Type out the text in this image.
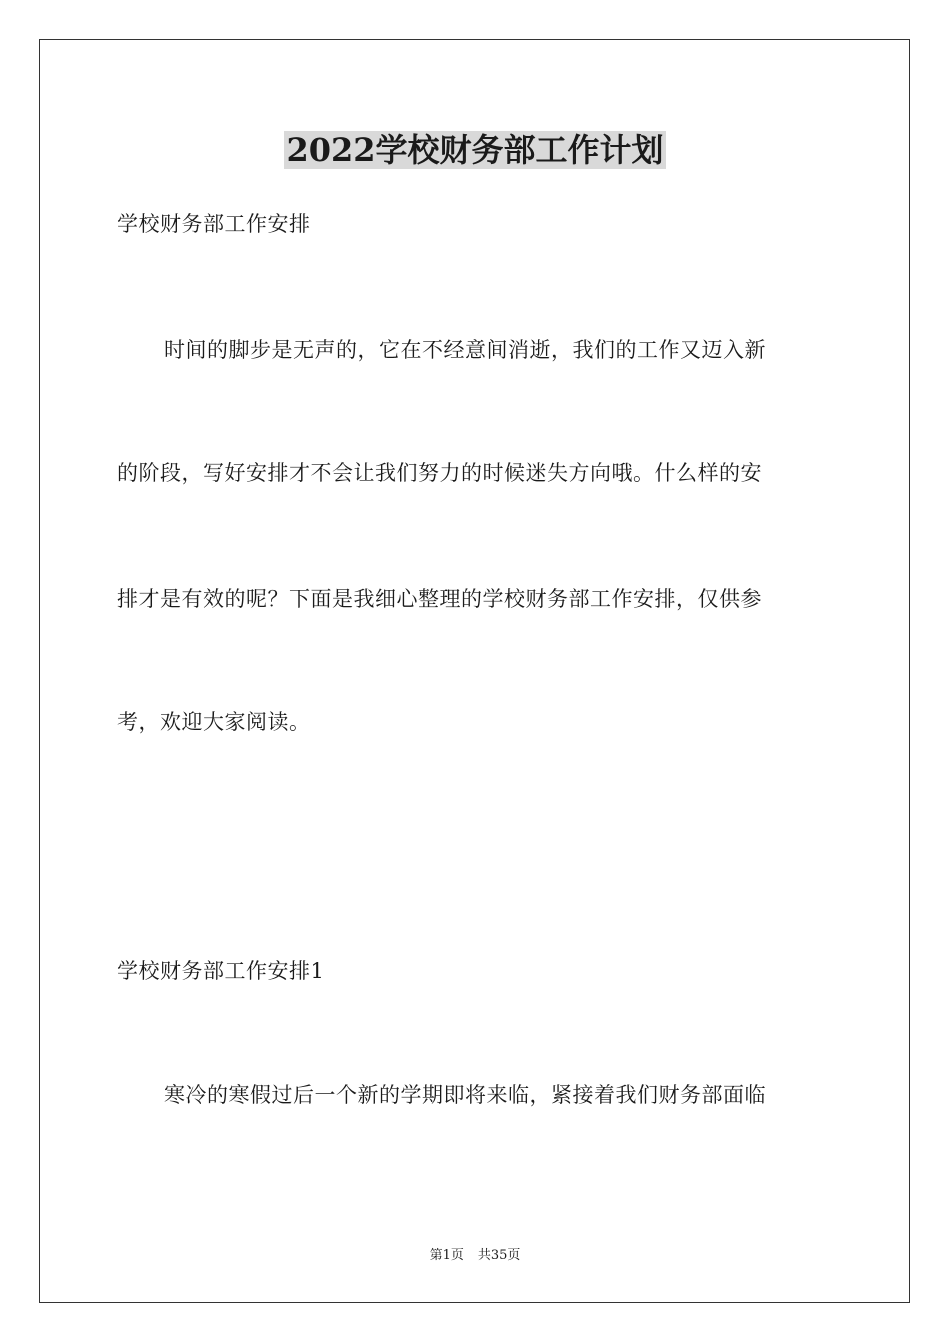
2022学校财务部工作计划
学校财务部工作安排
时间的脚步是无声的，它在不经意间消逝，我们的工作又迈入新
的阶段，写好安排才不会让我们努力的时候迷失方向哦。什么样的安
排才是有效的呢？下面是我细心整理的学校财务部工作安排，仅供参
考，欢迎大家阅读。
学校财务部工作安排1
寒冷的寒假过后一个新的学期即将来临，紧接着我们财务部面临
第1页 共35页
